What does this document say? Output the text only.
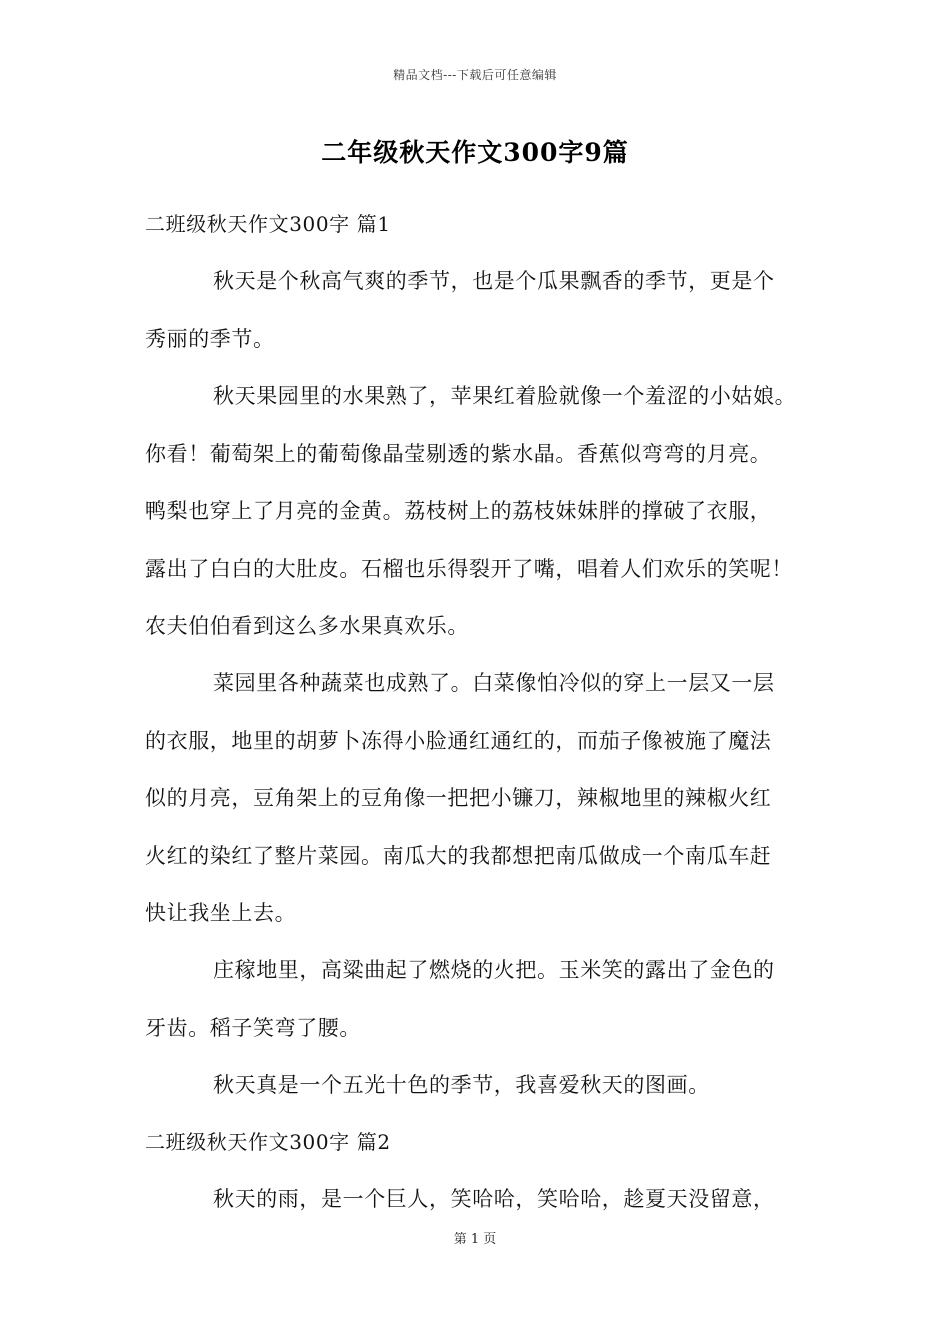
精品文档---下载后可任意编辑
二年级秋天作文300字9篇
二班级秋天作文300字 篇1
秋天是个秋高气爽的季节，也是个瓜果飘香的季节，更是个
秀丽的季节。
秋天果园里的水果熟了，苹果红着脸就像一个羞涩的小姑娘。
你看！葡萄架上的葡萄像晶莹剔透的紫水晶。香蕉似弯弯的月亮。
鸭梨也穿上了月亮的金黄。荔枝树上的荔枝妹妹胖的撑破了衣服，
露出了白白的大肚皮。石榴也乐得裂开了嘴，唱着人们欢乐的笑呢！
农夫伯伯看到这么多水果真欢乐。
菜园里各种蔬菜也成熟了。白菜像怕冷似的穿上一层又一层
的衣服，地里的胡萝卜冻得小脸通红通红的，而茄子像被施了魔法
似的月亮，豆角架上的豆角像一把把小镰刀，辣椒地里的辣椒火红
火红的染红了整片菜园。南瓜大的我都想把南瓜做成一个南瓜车赶
快让我坐上去。
庄稼地里，高粱曲起了燃烧的火把。玉米笑的露出了金色的
牙齿。稻子笑弯了腰。
秋天真是一个五光十色的季节，我喜爱秋天的图画。
二班级秋天作文300字 篇2
秋天的雨，是一个巨人，笑哈哈，笑哈哈，趁夏天没留意，
第 1 页
